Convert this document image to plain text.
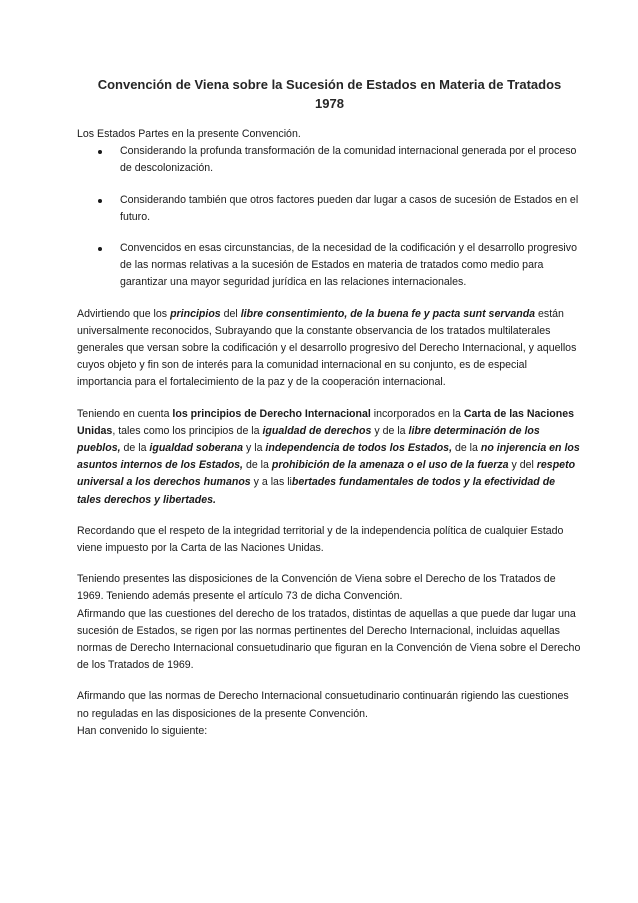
Convención de Viena sobre la Sucesión de Estados en Materia de Tratados
1978

Los Estados Partes en la presente Convención.

Considerando la profunda transformación de la comunidad internacional generada por el proceso de descolonización.
Considerando también que otros factores pueden dar lugar a casos de sucesión de Estados en el futuro.
Convencidos en esas circunstancias, de la necesidad de la codificación y el desarrollo progresivo de las normas relativas a la sucesión de Estados en materia de tratados como medio para garantizar una mayor seguridad jurídica en las relaciones internacionales.

Advirtiendo que los principios del libre consentimiento, de la buena fe y pacta sunt servanda están universalmente reconocidos, Subrayando que la constante observancia de los tratados multilaterales generales que versan sobre la codificación y el desarrollo progresivo del Derecho Internacional, y aquellos cuyos objeto y fin son de interés para la comunidad internacional en su conjunto, es de especial importancia para el fortalecimiento de la paz y de la cooperación internacional.

Teniendo en cuenta los principios de Derecho Internacional incorporados en la Carta de las Naciones Unidas, tales como los principios de la igualdad de derechos y de la libre determinación de los pueblos, de la igualdad soberana y la independencia de todos los Estados, de la no injerencia en los asuntos internos de los Estados, de la prohibición de la amenaza o el uso de la fuerza y del respeto universal a los derechos humanos y a las libertades fundamentales de todos y la efectividad de tales derechos y libertades.

Recordando que el respeto de la integridad territorial y de la independencia política de cualquier Estado viene impuesto por la Carta de las Naciones Unidas.

Teniendo presentes las disposiciones de la Convención de Viena sobre el Derecho de los Tratados de 1969. Teniendo además presente el artículo 73 de dicha Convención.

Afirmando que las cuestiones del derecho de los tratados, distintas de aquellas a que puede dar lugar una sucesión de Estados, se rigen por las normas pertinentes del Derecho Internacional, incluidas aquellas normas de Derecho Internacional consuetudinario que figuran en la Convención de Viena sobre el Derecho de los Tratados de 1969.

Afirmando que las normas de Derecho Internacional consuetudinario continuarán rigiendo las cuestiones no reguladas en las disposiciones de la presente Convención.

Han convenido lo siguiente:
